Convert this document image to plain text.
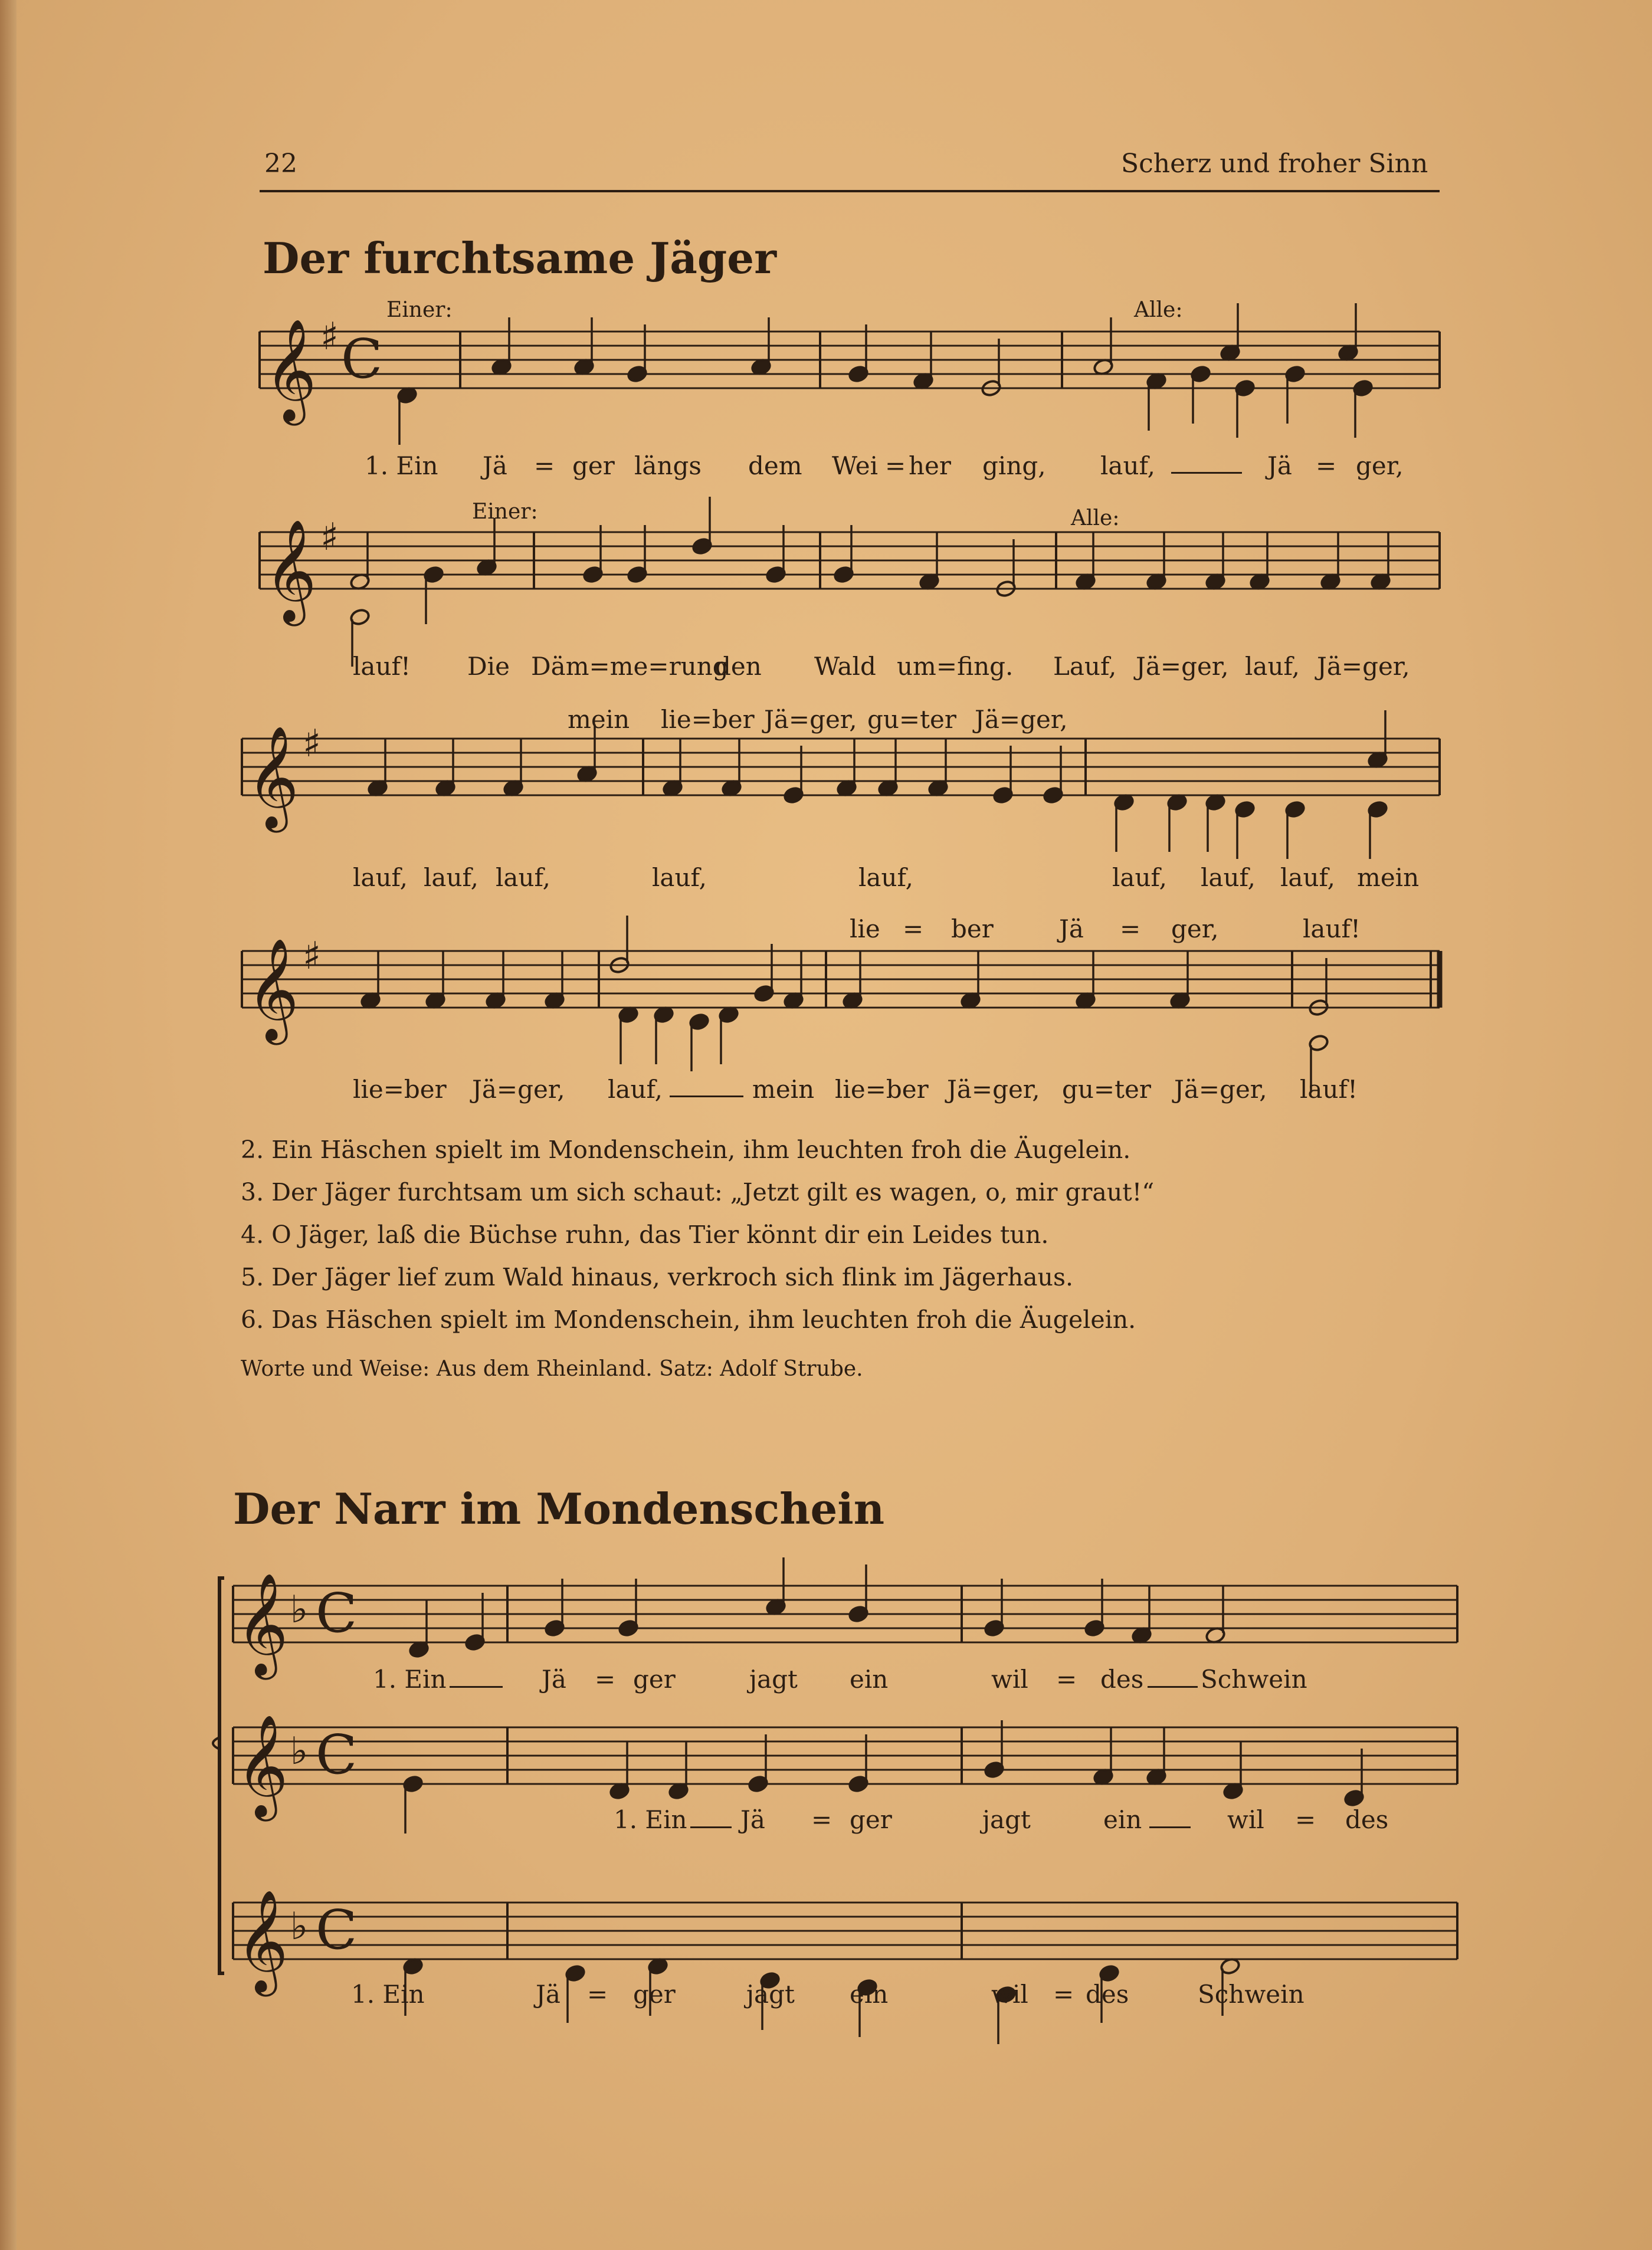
22	Scherz und froher Sinn
Der furchtsame Jäger
Einer:	Alle:
Einer:	Alle:
𝄞 ♯ C
𝄞 ♯
𝄞 ♯
𝄞 ♯
𝄞 ♭ C
𝄞 ♭ C
𝄞 ♭ C
1. Ein Jä = ger längs dem Wei = her ging, lauf,	Jä = ger,
lauf! Die Däm=me=rung
den Wald um=fing. Lauf, Jä=ger, lauf, Jä=ger,
mein lie=ber Jä=ger, gu=ter Jä=ger,
lauf, lauf, lauf,	lauf,	lauf,	lauf, lauf, lauf, mein
lie = ber	Jä = ger,	lauf!
lie=ber Jä=ger, lauf,	mein lie=ber Jä=ger, gu=ter Jä=ger, lauf!
2. Ein Häschen spielt im Mondenschein, ihm leuchten froh die Äugelein.
3. Der Jäger furchtsam um sich schaut: „Jetzt gilt es wagen, o, mir graut!“
4. O Jäger, laß die Büchse ruhn, das Tier könnt dir ein Leides tun.
5. Der Jäger lief zum Wald hinaus, verkroch sich flink im Jägerhaus.
6. Das Häschen spielt im Mondenschein, ihm leuchten froh die Äugelein.
Worte und Weise: Aus dem Rheinland. Satz: Adolf Strube.
Der Narr im Mondenschein
1. Ein	Jä = ger	jagt ein	wil = des Schwein
1. Ein Jä = ger	jagt	ein	wil = des
1. Ein	Jä = ger	jagt ein	wil = des	Schwein
